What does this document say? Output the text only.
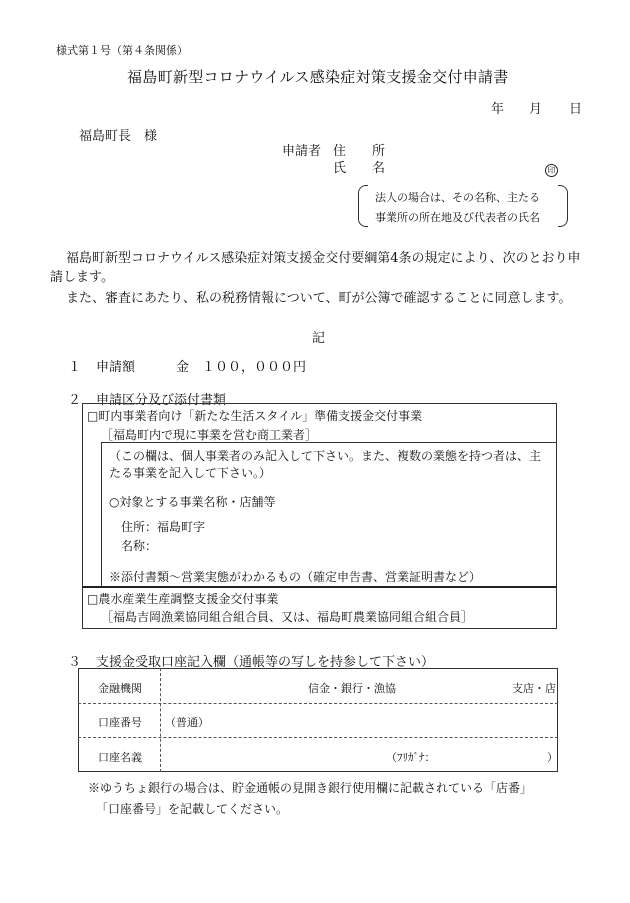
様式第１号（第４条関係）
福島町新型コロナウイルス感染症対策支援金交付申請書
年 月 日
福島町長　様
申請者 住　　所
氏 名	印
法人の場合は、その名称、主たる
事業所の所在地及び代表者の氏名
福島町新型コロナウイルス感染症対策支援金交付要綱第4条の規定により、次のとおり申
請します。
また、審査にあたり、私の税務情報について、町が公簿で確認することに同意します。
記
１ 申請額	金　１００，０００円
２ 申請区分及び添付書類
□町内事業者向け「新たな生活スタイル」準備支援金交付事業
［福島町内で現に事業を営む商工業者］
（この欄は、個人事業者のみ記入して下さい。また、複数の業態を持つ者は、主
たる事業を記入して下さい。）
○対象とする事業名称・店舗等
住所：福島町字
名称：
※添付書類～営業実態がわかるもの（確定申告書、営業証明書など）
□農水産業生産調整支援金交付事業
［福島吉岡漁業協同組合組合員、又は、福島町農業協同組合組合員］
３ 支援金受取口座記入欄（通帳等の写しを持参して下さい）
金融機関	信金・銀行・漁協	支店・店
口座番号 （普通）
口座名義	（ﾌﾘｶﾞﾅ：	）
※ゆうちょ銀行の場合は、貯金通帳の見開き銀行使用欄に記載されている「店番」
「口座番号」を記載してください。
